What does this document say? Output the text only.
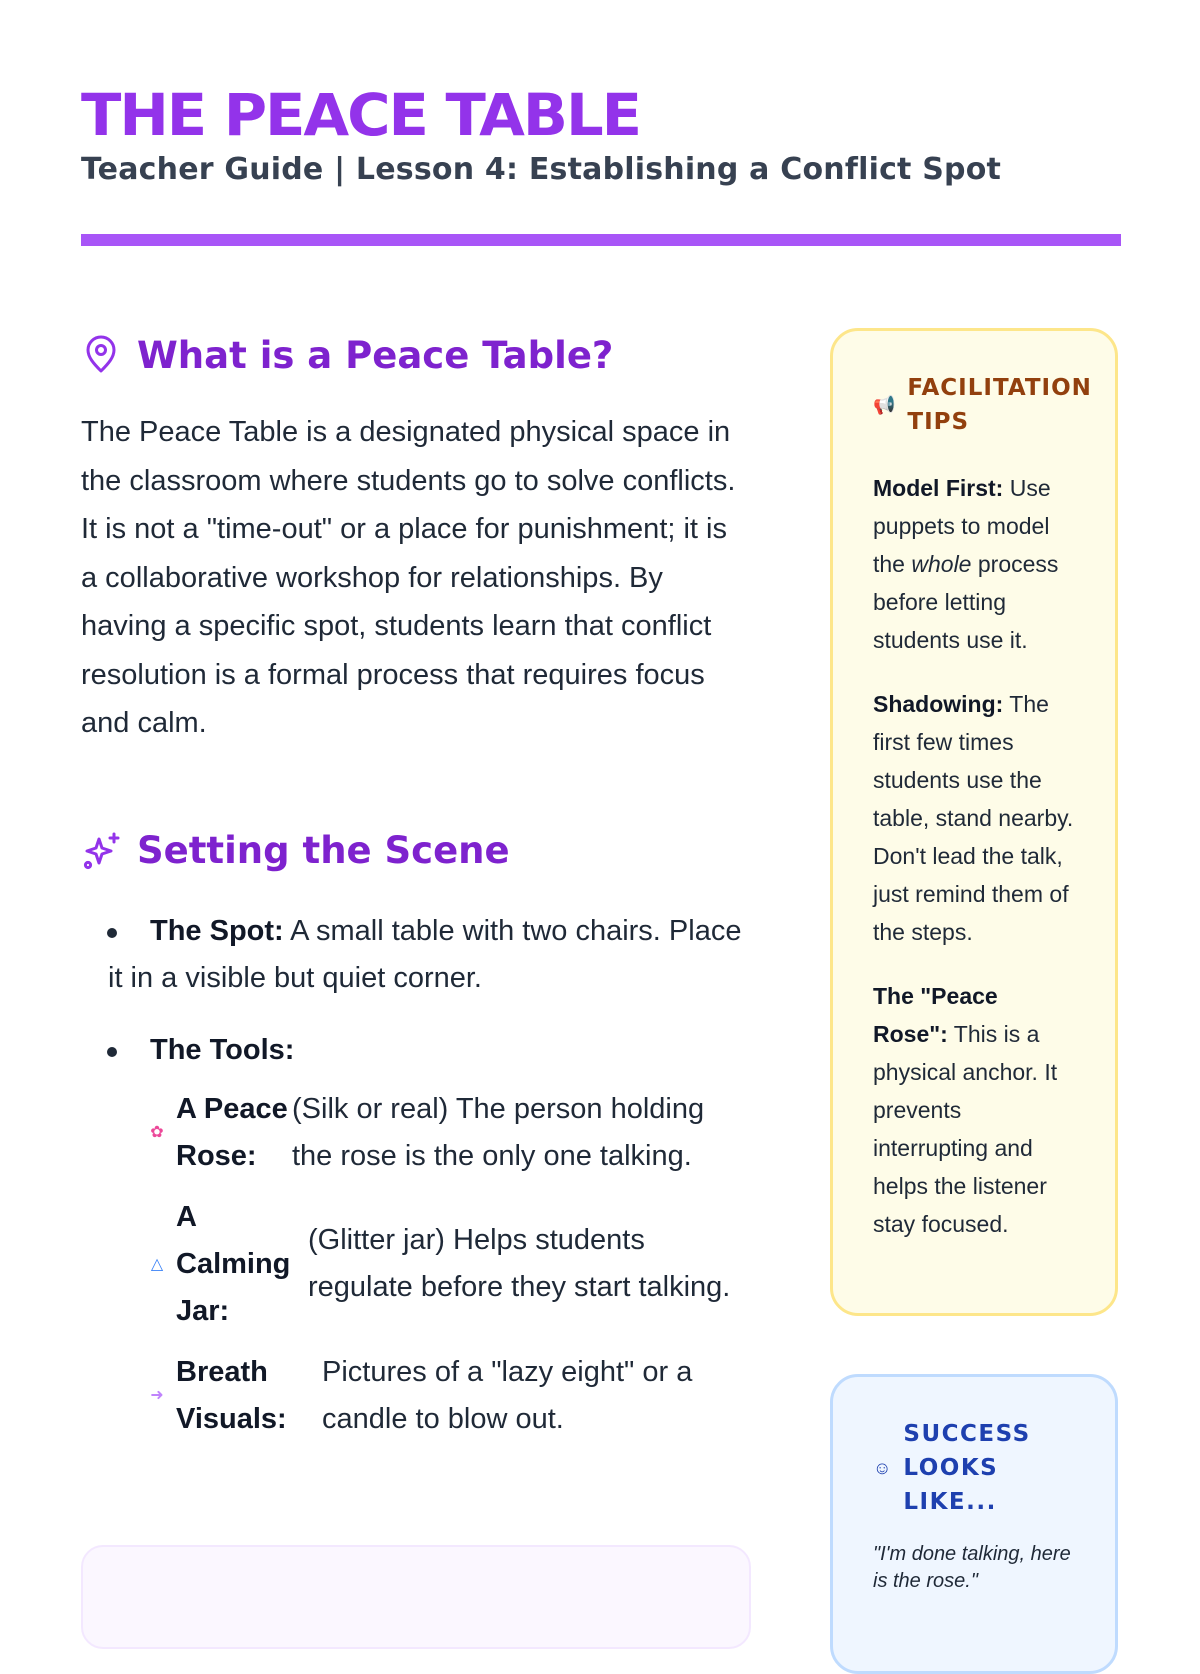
THE PEACE TABLE
Teacher Guide | Lesson 4: Establishing a Conflict Spot
What is a Peace Table?

The Peace Table is a designated physical space in the classroom where students go to solve conflicts. It is not a "time-out" or a place for punishment; it is a collaborative workshop for relationships. By having a specific spot, students learn that conflict resolution is a formal process that requires focus and calm.

Setting the Scene
The Spot: A small table with two chairs. Place it in a visible but quiet corner.
The Tools:
✿
A Peace Rose:
(Silk or real) The person holding the rose is the only one talking.
△
A Calming Jar:
(Glitter jar) Helps students regulate before they start talking.
➜
Breath Visuals:
Pictures of a "lazy eight" or a candle to blow out.
📢
FACILITATION TIPS

Model First: Use puppets to model the whole process before letting students use it.

Shadowing: The first few times students use the table, stand nearby. Don't lead the talk, just remind them of the steps.

The "Peace Rose": This is a physical anchor. It prevents interrupting and helps the listener stay focused.

☺
SUCCESS LOOKS LIKE...
"I'm done talking, here is the rose."
